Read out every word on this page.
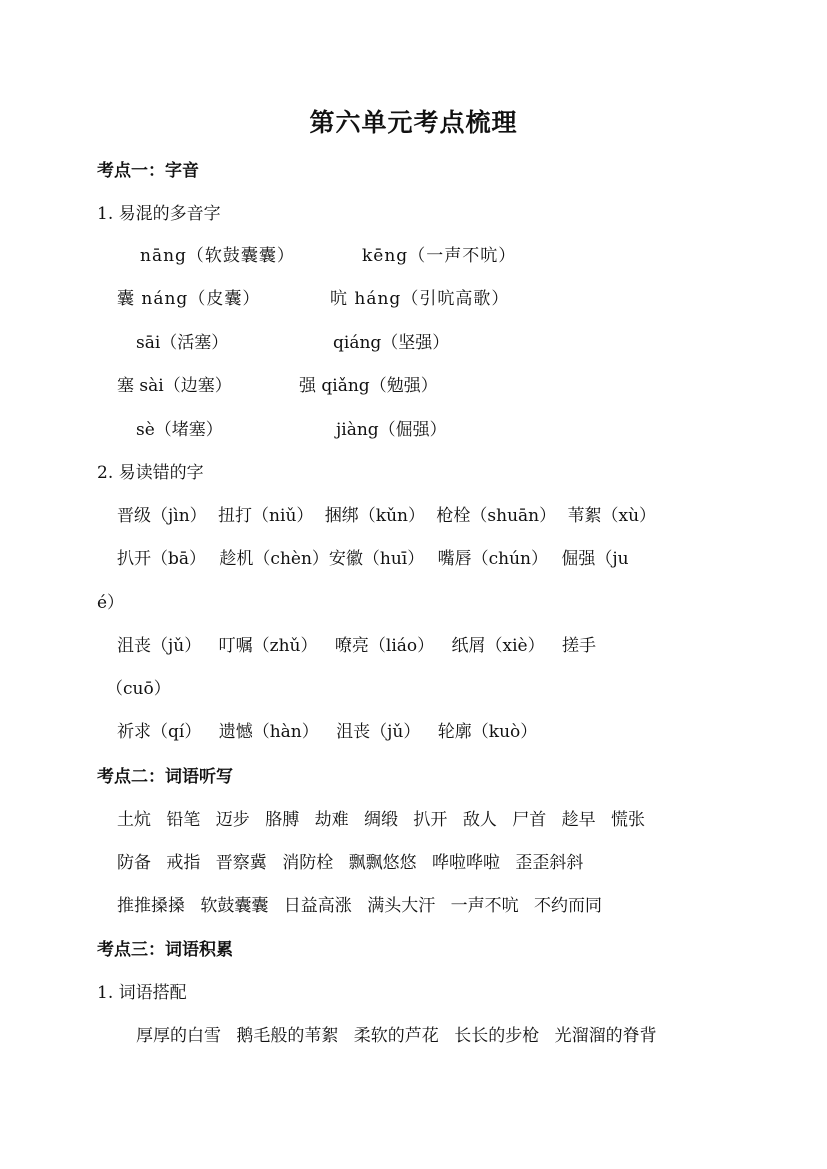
第六单元考点梳理
考点一：字音
1. 易混的多音字
nāng（软鼓囊囊）	kēng（一声不吭）
囊 náng（皮囊）	吭 háng（引吭高歌）
sāi（活塞）	qiáng（坚强）
塞 sài（边塞）	强 qiǎng（勉强）
sè（堵塞）	jiàng（倔强）
2. 易读错的字
晋级（jìn） 扭打（niǔ） 捆绑（kǔn） 枪栓（shuān） 苇絮（xù）
扒开（bā） 趁机（chèn）安徽（huī） 嘴唇（chún） 倔强（ju
é）
沮丧（jǔ） 叮嘱（zhǔ） 嘹亮（liáo） 纸屑（xiè） 搓手
（cuō）
祈求（qí） 遗憾（hàn） 沮丧（jǔ） 轮廓（kuò）
考点二：词语听写
土炕 铅笔 迈步 胳膊 劫难 绸缎 扒开 敌人 尸首 趁早 慌张
防备 戒指 晋察冀 消防栓 飘飘悠悠 哗啦哗啦 歪歪斜斜
推推搡搡 软鼓囊囊 日益高涨 满头大汗 一声不吭 不约而同
考点三：词语积累
1. 词语搭配
厚厚的白雪 鹅毛般的苇絮 柔软的芦花 长长的步枪 光溜溜的脊背
